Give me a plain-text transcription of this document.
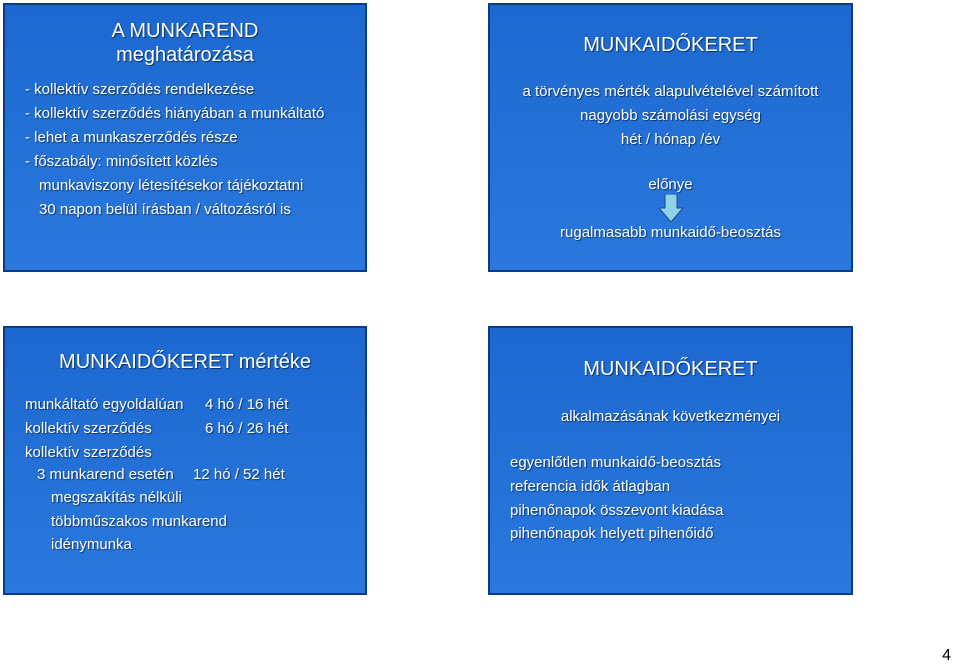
A MUNKAREND
meghatározása
- kollektív szerződés rendelkezése
- kollektív szerződés hiányában a munkáltató
- lehet a munkaszerződés része
- főszabály: minősített közlés
munkaviszony létesítésekor tájékoztatni
30 napon belül írásban / változásról is
MUNKAIDŐKERET
a törvényes mérték alapulvételével számított
nagyobb számolási egység
hét / hónap /év
előnye
rugalmasabb munkaidő-beosztás
MUNKAIDŐKERET mértéke
munkáltató egyoldalúan 4 hó / 16 hét
kollektív szerződés	6 hó / 26 hét
kollektív szerződés
3 munkarend esetén 12 hó / 52 hét
megszakítás nélküli
többműszakos munkarend
idénymunka
MUNKAIDŐKERET
alkalmazásának következményei
egyenlőtlen munkaidő-beosztás
referencia idők átlagban
pihenőnapok összevont kiadása
pihenőnapok helyett pihenőidő
4
